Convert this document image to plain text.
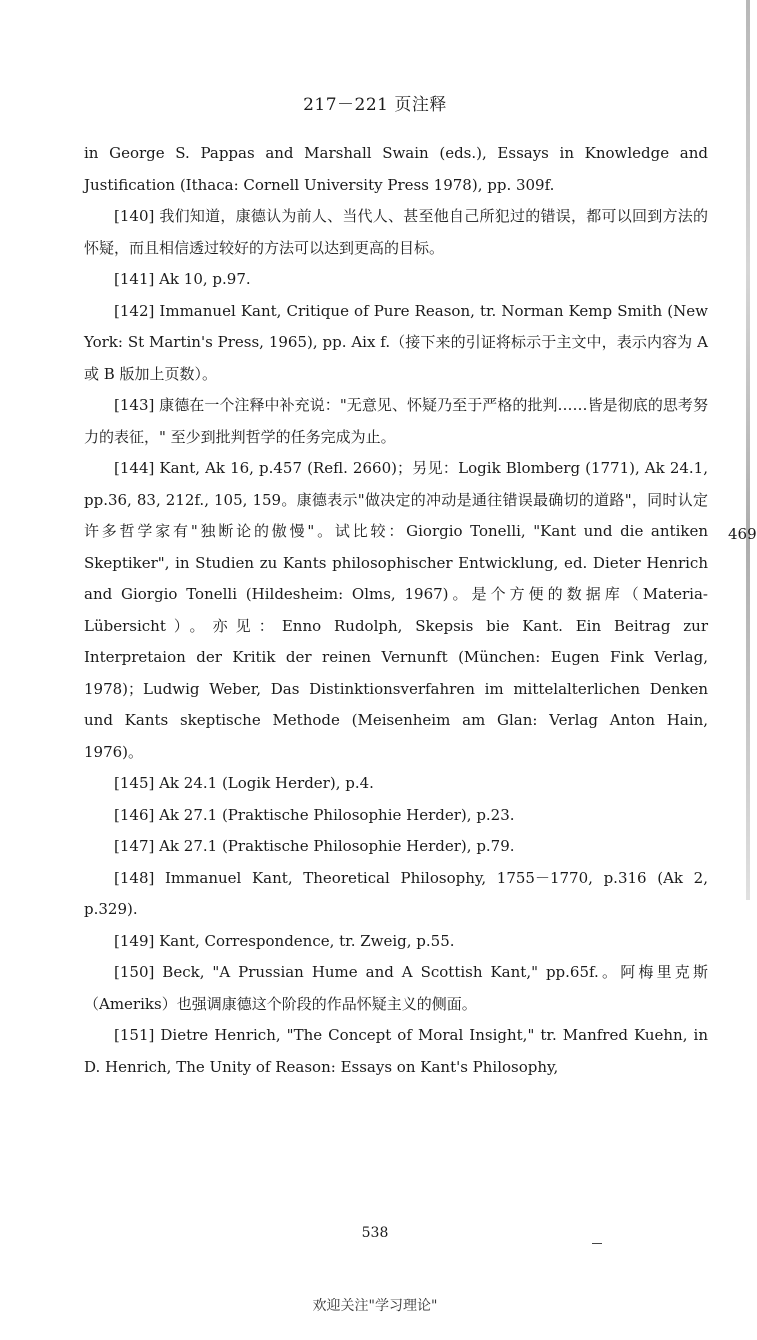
217－221 页注释

in George S. Pappas and Marshall Swain (eds.), Essays in Knowledge and Justification (Ithaca: Cornell University Press 1978), pp. 309f.

[140] 我们知道，康德认为前人、当代人、甚至他自己所犯过的错误，都可以回到方法的怀疑，而且相信透过较好的方法可以达到更高的目标。

[141] Ak 10, p.97.

[142] Immanuel Kant, Critique of Pure Reason, tr. Norman Kemp Smith (New York: St Martin's Press, 1965), pp. Aix f.（接下来的引证将标示于主文中，表示内容为 A 或 B 版加上页数）。

[143] 康德在一个注释中补充说："无意见、怀疑乃至于严格的批判……皆是彻底的思考努力的表征，" 至少到批判哲学的任务完成为止。

[144] Kant, Ak 16, p.457 (Refl. 2660)；另见：Logik Blomberg (1771), Ak 24.1, pp.36, 83, 212f., 105, 159。康德表示"做决定的冲动是通往错误最确切的道路"，同时认定许多哲学家有"独断论的傲慢"。试比较：Giorgio Tonelli, "Kant und die antiken Skeptiker", in Studien zu Kants philosophischer Entwicklung, ed. Dieter Henrich and Giorgio Tonelli (Hildesheim: Olms, 1967)。是个方便的数据库（Materia-Lübersicht）。亦见：Enno Rudolph, Skepsis bie Kant. Ein Beitrag zur Interpretaion der Kritik der reinen Vernunft (München: Eugen Fink Verlag, 1978)；Ludwig Weber, Das Distinktionsverfahren im mittelalterlichen Denken und Kants skeptische Methode (Meisenheim am Glan: Verlag Anton Hain, 1976)。

[145] Ak 24.1 (Logik Herder), p.4.

[146] Ak 27.1 (Praktische Philosophie Herder), p.23.

[147] Ak 27.1 (Praktische Philosophie Herder), p.79.

[148] Immanuel Kant, Theoretical Philosophy, 1755－1770, p.316 (Ak 2, p.329).

[149] Kant, Correspondence, tr. Zweig, p.55.

[150] Beck, "A Prussian Hume and A Scottish Kant," pp.65f.。阿梅里克斯（Ameriks）也强调康德这个阶段的作品怀疑主义的侧面。

[151] Dietre Henrich, "The Concept of Moral Insight," tr. Manfred Kuehn, in D. Henrich, The Unity of Reason: Essays on Kant's Philosophy,

469
538
欢迎关注"学习理论"
